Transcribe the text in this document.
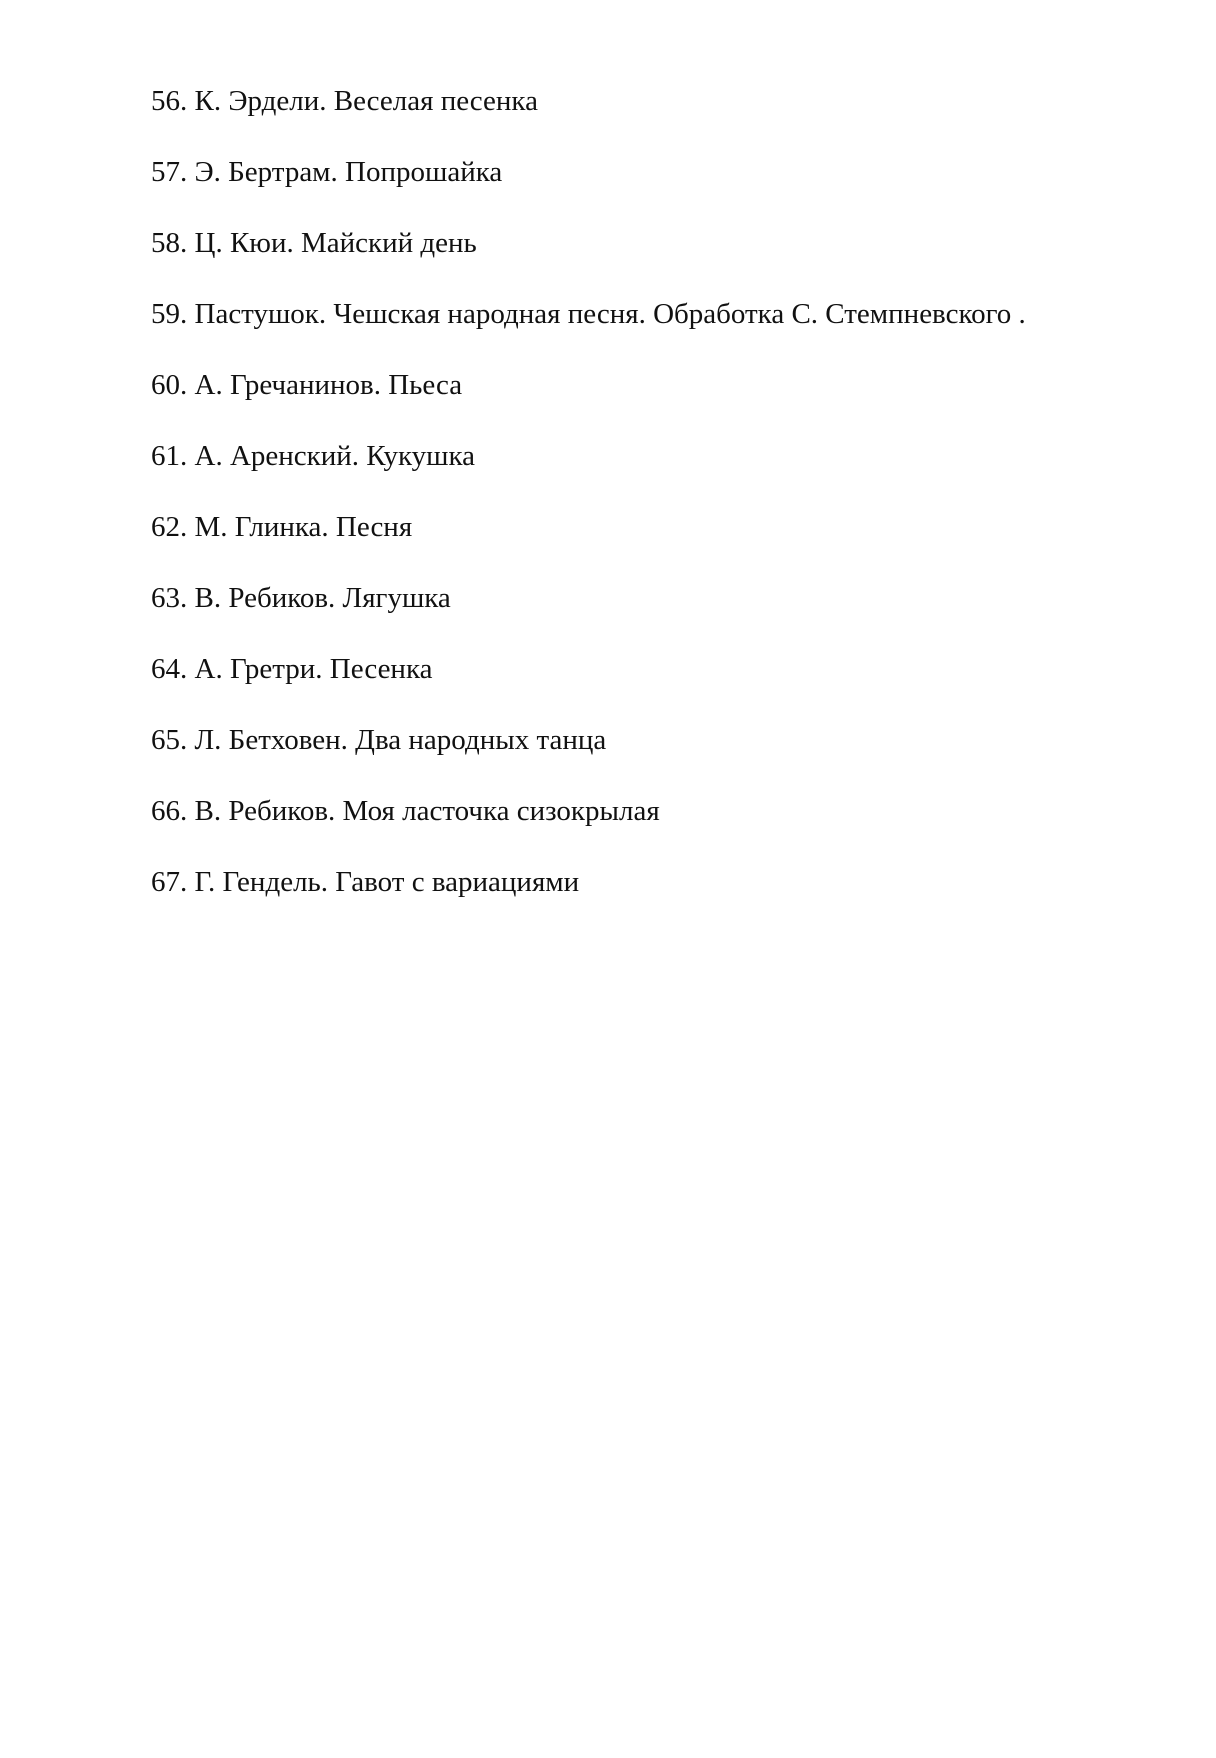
56. К. Эрдели. Веселая песенка
57. Э. Бертрам. Попрошайка
58. Ц. Кюи. Майский день
59. Пастушок. Чешская народная песня. Обработка С. Стемпневского .
60. А. Гречанинов. Пьеса
61. А. Аренский. Кукушка
62. М. Глинка. Песня
63. В. Ребиков. Лягушка
64. А. Гретри. Песенка
65. Л. Бетховен. Два народных танца
66. В. Ребиков. Моя ласточка сизокрылая
67. Г. Гендель. Гавот с вариациями
